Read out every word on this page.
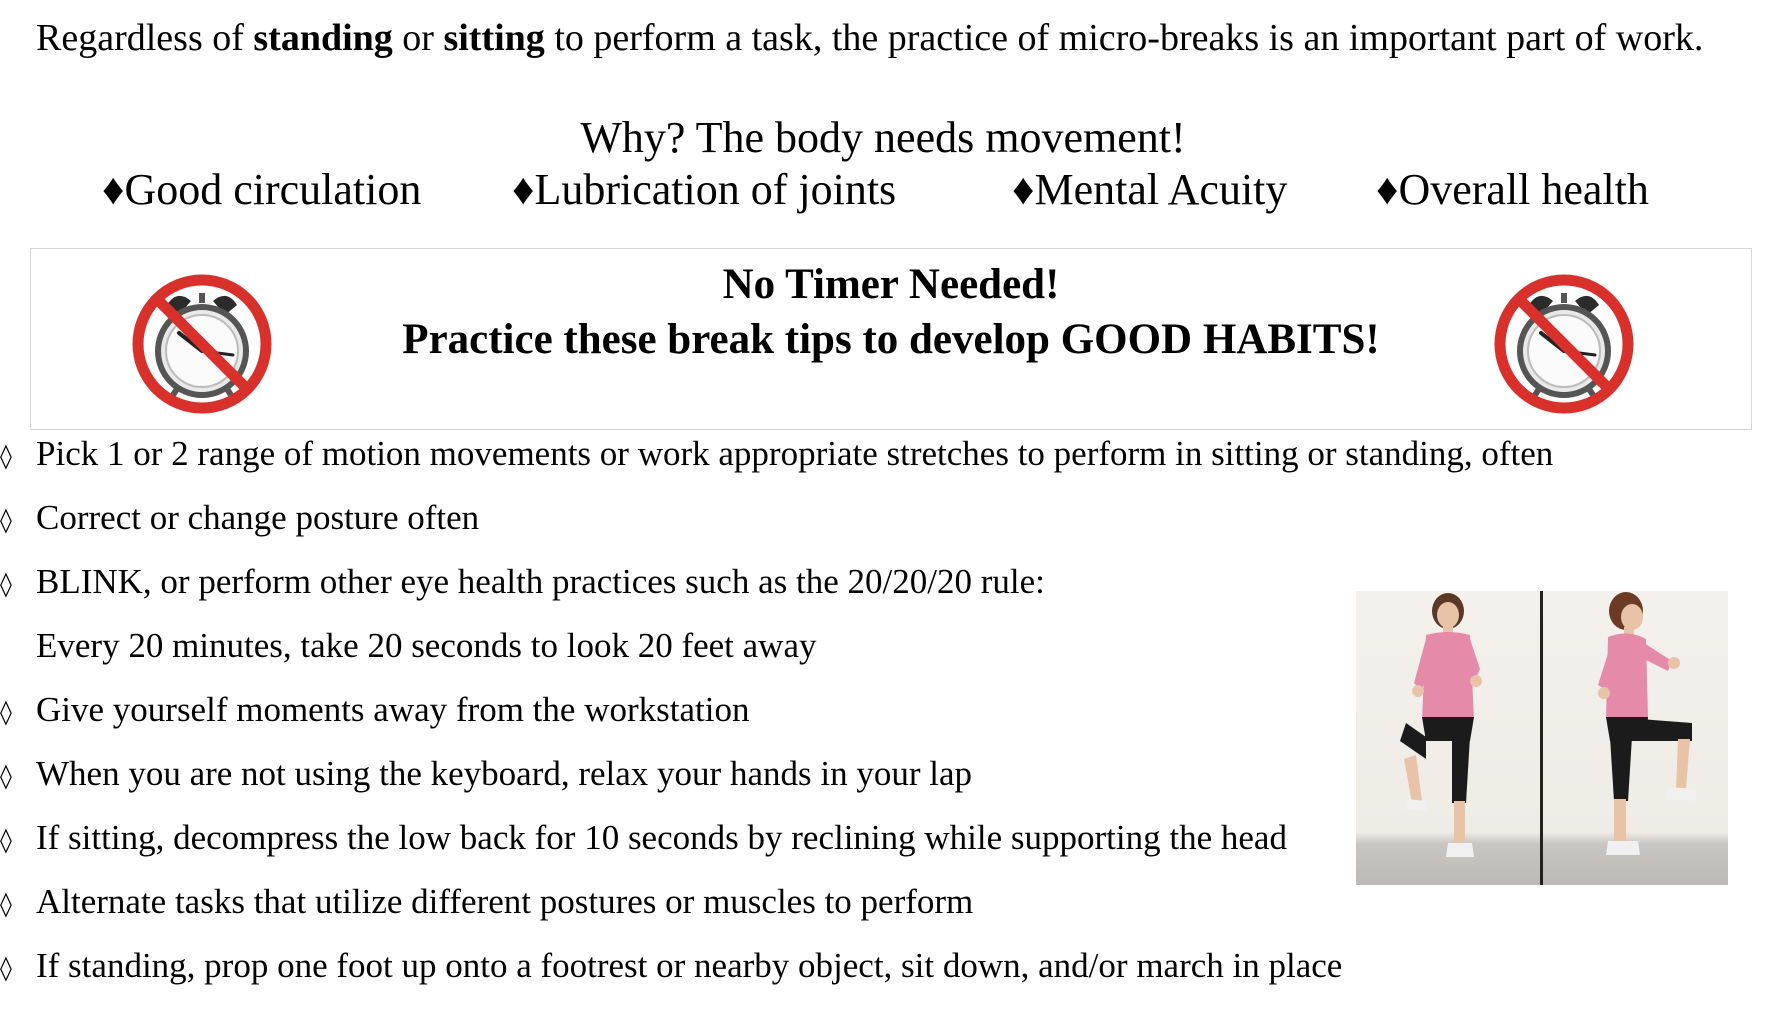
Regardless of standing or sitting to perform a task, the practice of micro-breaks is an important part of work.

Why? The body needs movement!

♦Good circulation ♦Lubrication of joints	♦Mental Acuity ♦Overall health
No Timer Needed!
Practice these break tips to develop GOOD HABITS!
◊ Pick 1 or 2 range of motion movements or work appropriate stretches to perform in sitting or standing, often
◊ Correct or change posture often
◊ BLINK, or perform other eye health practices such as the 20/20/20 rule:
Every 20 minutes, take 20 seconds to look 20 feet away
◊ Give yourself moments away from the workstation
◊ When you are not using the keyboard, relax your hands in your lap
◊ If sitting, decompress the low back for 10 seconds by reclining while supporting the head
◊ Alternate tasks that utilize different postures or muscles to perform
◊ If standing, prop one foot up onto a footrest or nearby object, sit down, and/or march in place
